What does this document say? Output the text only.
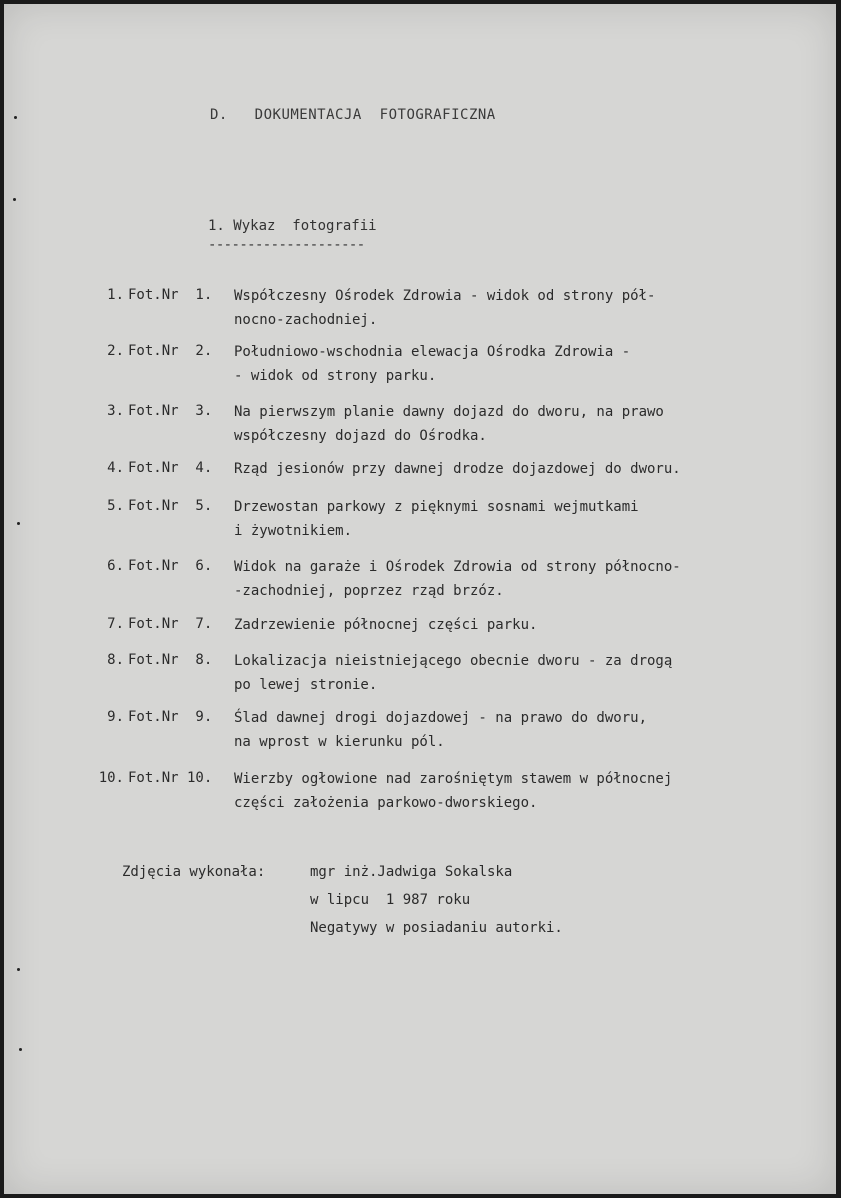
D. DOKUMENTACJA  FOTOGRAFICZNA
1. Wykaz  fotografii
--------------------
1. Fot.Nr  1. Współczesny Ośrodek Zdrowia - widok od strony pół-
nocno-zachodniej.
2. Fot.Nr  2. Południowo-wschodnia elewacja Ośrodka Zdrowia -
- widok od strony parku.
3. Fot.Nr  3. Na pierwszym planie dawny dojazd do dworu, na prawo
współczesny dojazd do Ośrodka.
4. Fot.Nr  4. Rząd jesionów przy dawnej drodze dojazdowej do dworu.
5. Fot.Nr  5. Drzewostan parkowy z pięknymi sosnami wejmutkami
i żywotnikiem.
6. Fot.Nr  6. Widok na garaże i Ośrodek Zdrowia od strony północno-
-zachodniej, poprzez rząd brzóz.
7. Fot.Nr  7. Zadrzewienie północnej części parku.
8. Fot.Nr  8. Lokalizacja nieistniejącego obecnie dworu - za drogą
po lewej stronie.
9. Fot.Nr  9. Ślad dawnej drogi dojazdowej - na prawo do dworu,
na wprost w kierunku pól.
10. Fot.Nr 10. Wierzby ogłowione nad zarośniętym stawem w północnej
części założenia parkowo-dworskiego.
Zdjęcia wykonała:	mgr inż.Jadwiga Sokalska
w lipcu  1 987 roku
Negatywy w posiadaniu autorki.
